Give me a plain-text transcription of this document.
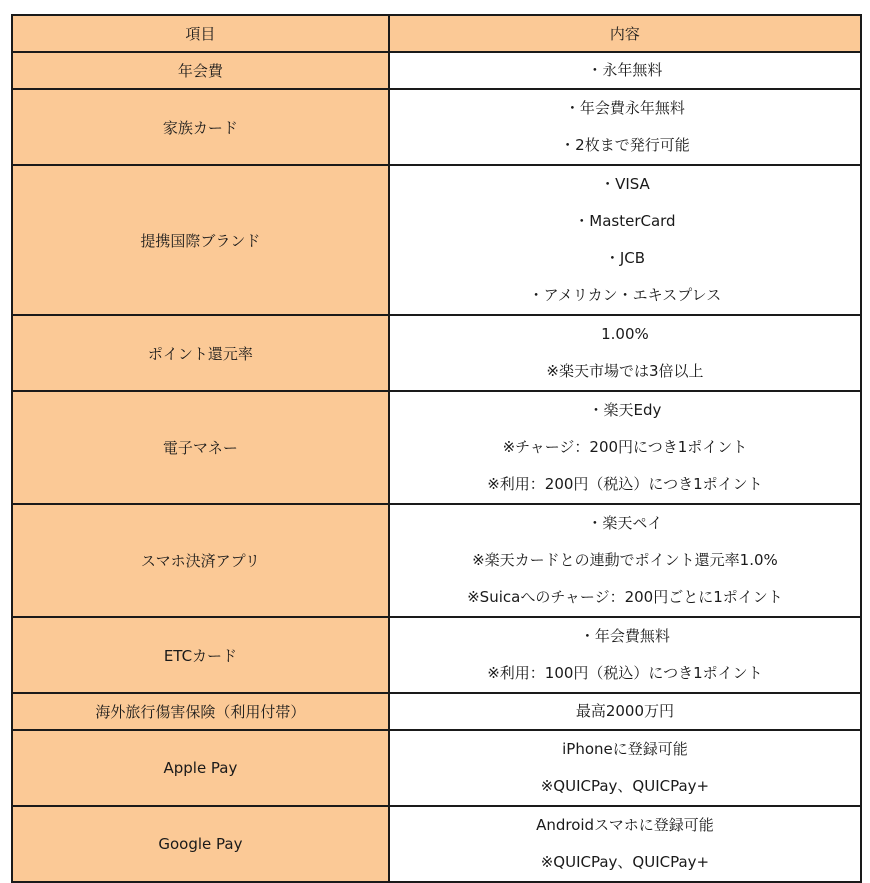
項目	内容
年会費	・永年無料

家族カード	・年会費永年無料
・2枚まで発行可能

提携国際ブランド	・VISA
・MasterCard
・JCB
・アメリカン・エキスプレス

ポイント還元率	1.00%
※楽天市場では3倍以上

電子マネー	・楽天Edy
※チャージ：200円につき1ポイント
※利用：200円（税込）につき1ポイント

スマホ決済アプリ	・楽天ペイ
※楽天カードとの連動でポイント還元率1.0%
※Suicaへのチャージ：200円ごとに1ポイント

ETCカード	・年会費無料
※利用：100円（税込）につき1ポイント

海外旅行傷害保険（利用付帯）	最高2000万円

Apple Pay	iPhoneに登録可能
※QUICPay、QUICPay+

Google Pay	Androidスマホに登録可能
※QUICPay、QUICPay+
